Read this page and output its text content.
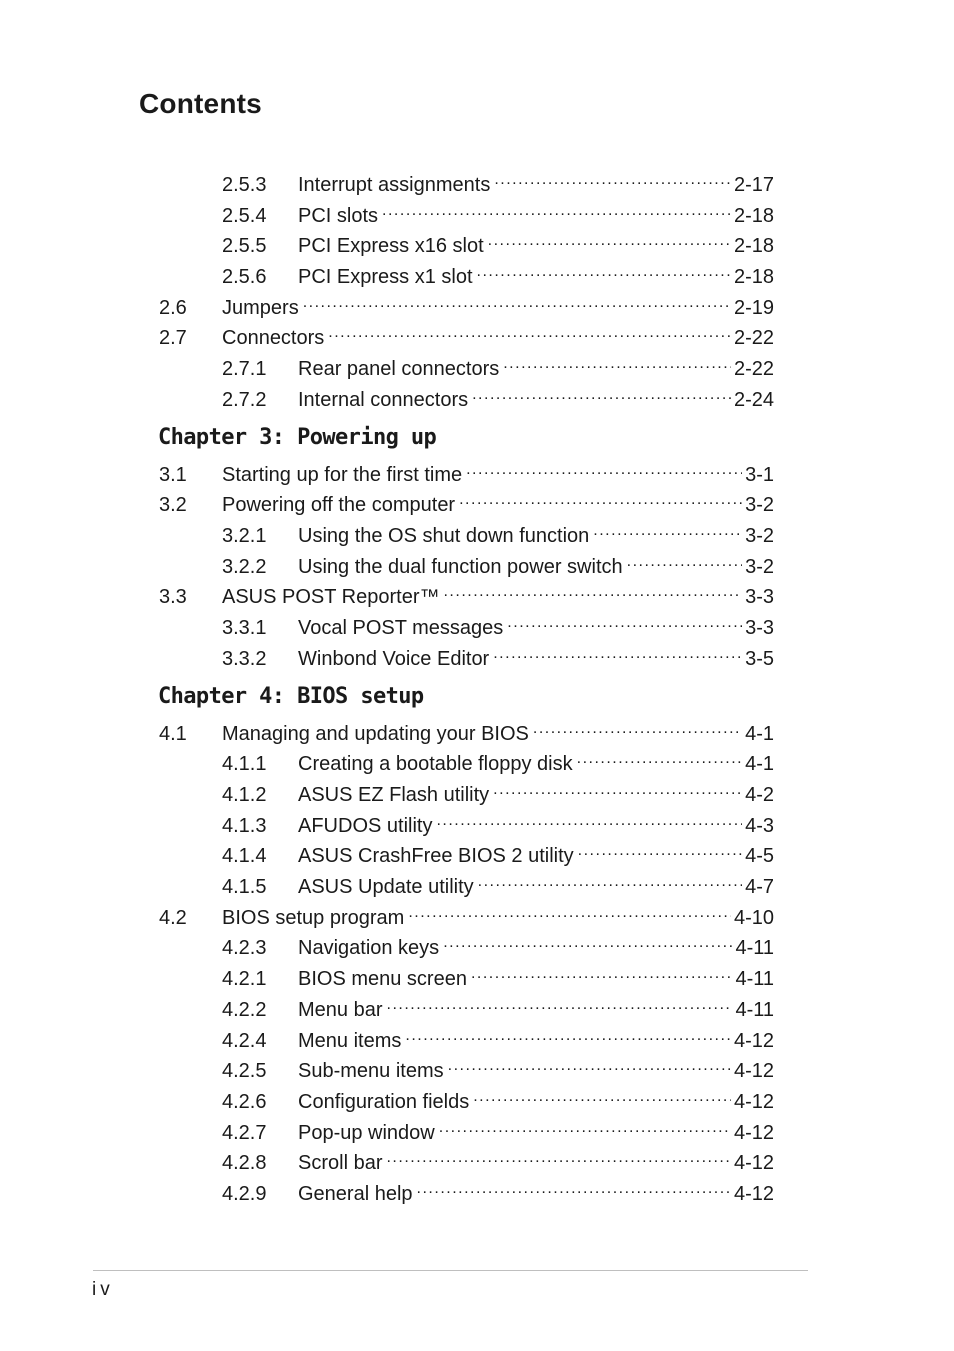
Contents
2.5.3	Interrupt assignments .....	2-17
2.5.4	PCI slots .....	2-18
2.5.5	PCI Express x16 slot .....	2-18
2.5.6	PCI Express x1 slot .....	2-18
2.6	Jumpers .....	2-19
2.7	Connectors .....	2-22
2.7.1	Rear panel connectors .....	2-22
2.7.2	Internal connectors .....	2-24
Chapter 3: Powering up
3.1	Starting up for the first time .....	3-1
3.2	Powering off the computer .....	3-2
3.2.1	Using the OS shut down function .....	3-2
3.2.2	Using the dual function power switch .....	3-2
3.3	ASUS POST Reporter™ .....	3-3
3.3.1	Vocal POST messages .....	3-3
3.3.2	Winbond Voice Editor .....	3-5
Chapter 4: BIOS setup
4.1	Managing and updating your BIOS .....	4-1
4.1.1	Creating a bootable floppy disk .....	4-1
4.1.2	ASUS EZ Flash utility .....	4-2
4.1.3	AFUDOS utility .....	4-3
4.1.4	ASUS CrashFree BIOS 2 utility .....	4-5
4.1.5	ASUS Update utility .....	4-7
4.2	BIOS setup program .....	4-10
4.2.3	Navigation keys .....	4-11
4.2.1	BIOS menu screen .....	4-11
4.2.2	Menu bar .....	4-11
4.2.4	Menu items .....	4-12
4.2.5	Sub-menu items .....	4-12
4.2.6	Configuration fields .....	4-12
4.2.7	Pop-up window .....	4-12
4.2.8	Scroll bar .....	4-12
4.2.9	General help .....	4-12
iv
